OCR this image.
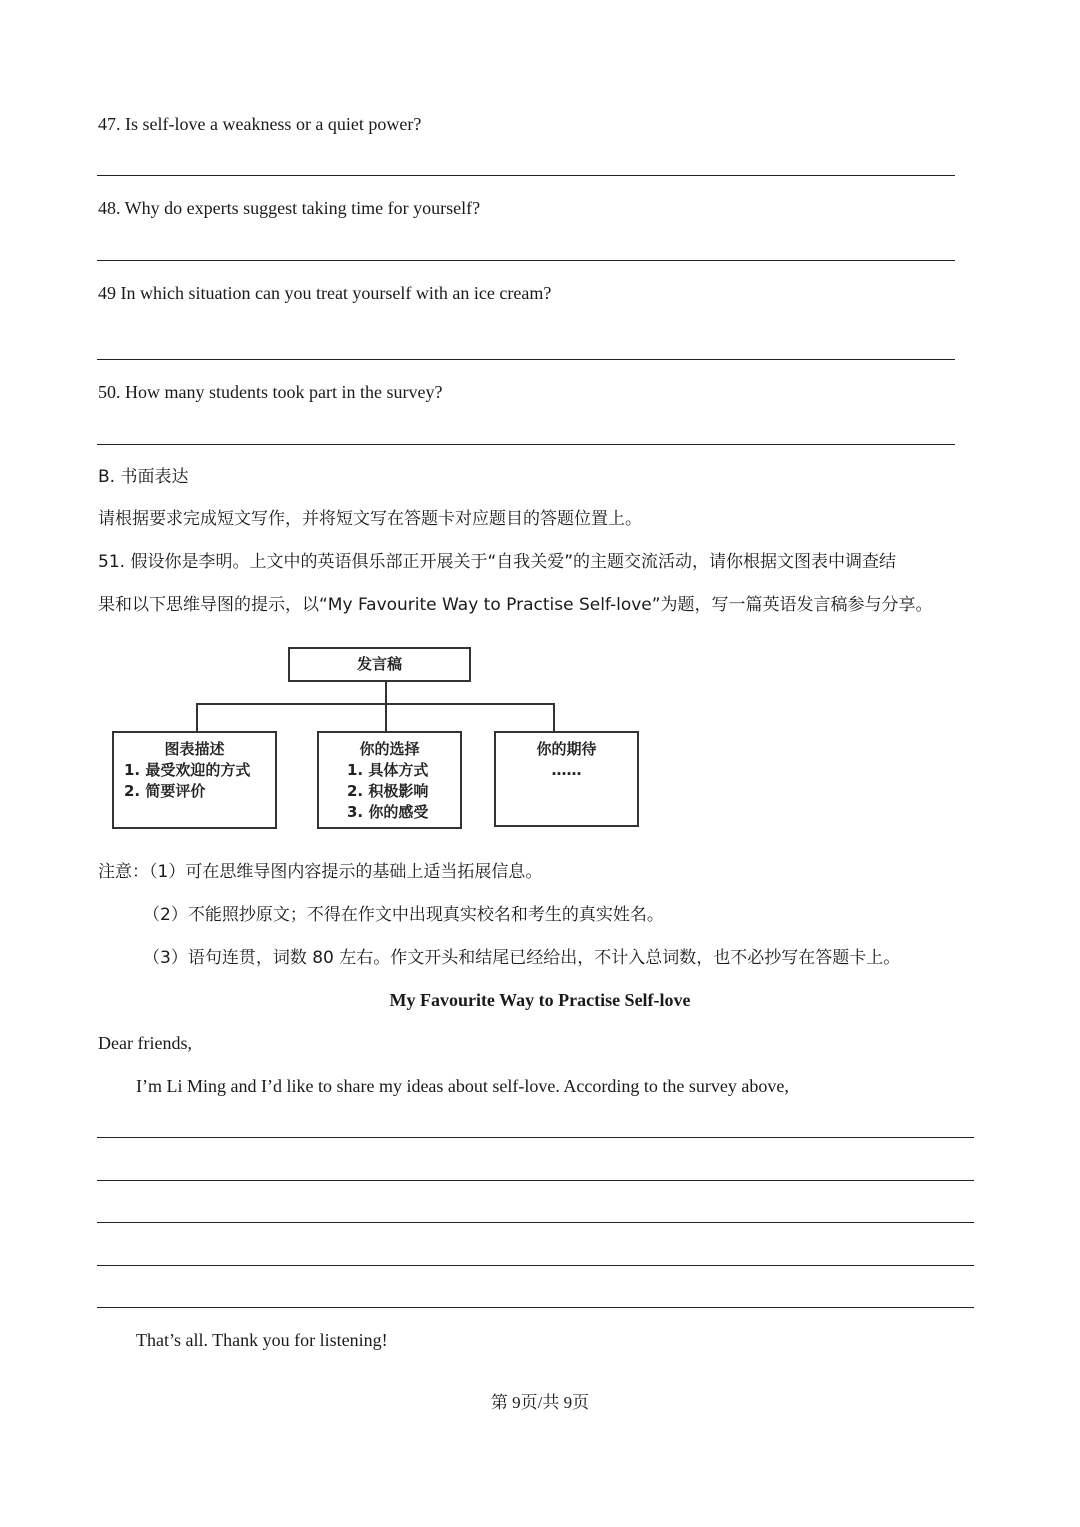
47. Is self-love a weakness or a quiet power?
48. Why do experts suggest taking time for yourself?
49 In which situation can you treat yourself with an ice cream?
50. How many students took part in the survey?
B. 书面表达
请根据要求完成短文写作，并将短文写在答题卡对应题目的答题位置上。
51. 假设你是李明。上文中的英语俱乐部正开展关于“自我关爱”的主题交流活动，请你根据文图表中调查结
果和以下思维导图的提示，以“My Favourite Way to Practise Self-love”为题，写一篇英语发言稿参与分享。
发言稿
图表描述
1. 最受欢迎的方式
2. 简要评价
你的选择
1. 具体方式
2. 积极影响
3. 你的感受
你的期待
……
注意：（1）可在思维导图内容提示的基础上适当拓展信息。
（2）不能照抄原文；不得在作文中出现真实校名和考生的真实姓名。
（3）语句连贯，词数 80 左右。作文开头和结尾已经给出，不计入总词数，也不必抄写在答题卡上。
My Favourite Way to Practise Self-love
Dear friends,
I’m Li Ming and I’d like to share my ideas about self-love. According to the survey above,
That’s all. Thank you for listening!
第 9页/共 9页
